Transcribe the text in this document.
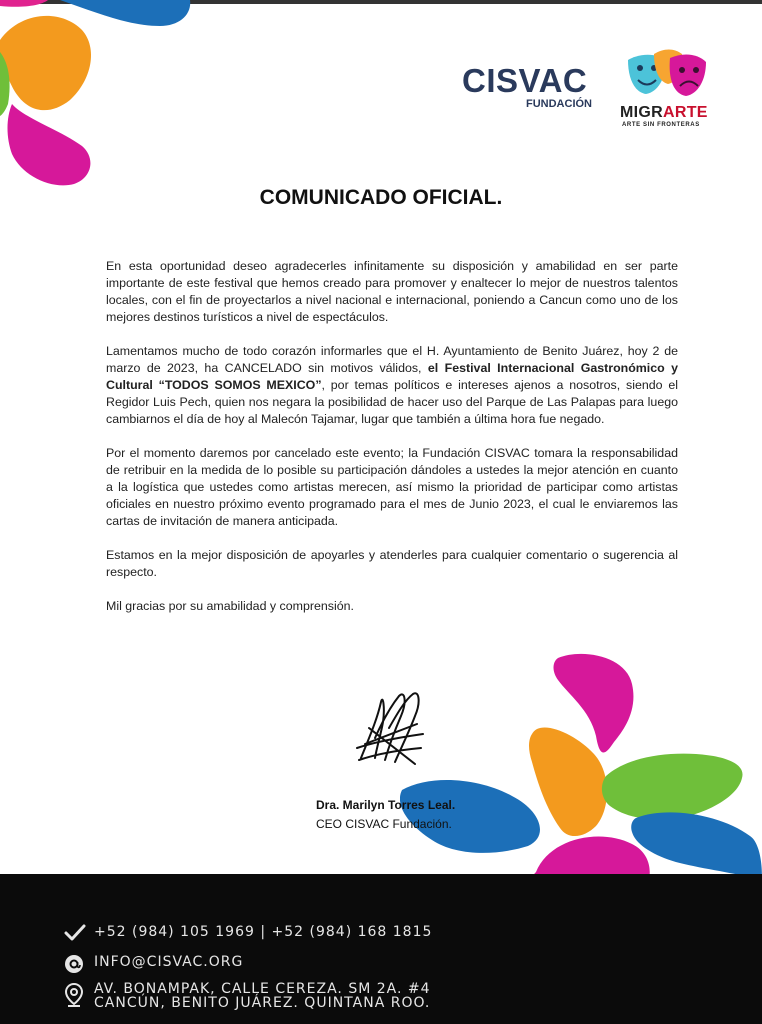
CISVAC
FUNDACIÓN MIGRARTE
ARTE SIN FRONTERAS
COMUNICADO OFICIAL.

En esta oportunidad deseo agradecerles infinitamente su disposición y amabilidad en ser parte importante de este festival que hemos creado para promover y enaltecer lo mejor de nuestros talentos locales, con el fin de proyectarlos a nivel nacional e internacional, poniendo a Cancun como uno de los mejores destinos turísticos a nivel de espectáculos.

Lamentamos mucho de todo corazón informarles que el H. Ayuntamiento de Benito Juárez, hoy 2 de marzo de 2023, ha CANCELADO sin motivos válidos, el Festival Internacional Gastronómico y Cultural “TODOS SOMOS MEXICO”, por temas políticos e intereses ajenos a nosotros, siendo el Regidor Luis Pech, quien nos negara la posibilidad de hacer uso del Parque de Las Palapas para luego cambiarnos el día de hoy al Malecón Tajamar, lugar que también a última hora fue negado.

Por el momento daremos por cancelado este evento; la Fundación CISVAC tomara la responsabilidad de retribuir en la medida de lo posible su participación dándoles a ustedes la mejor atención en cuanto a la logística que ustedes como artistas merecen, así mismo la prioridad de participar como artistas oficiales en nuestro próximo evento programado para el mes de Junio 2023, el cual le enviaremos las cartas de invitación de manera anticipada.

Estamos en la mejor disposición de apoyarles y atenderles para cualquier comentario o sugerencia al respecto.

Mil gracias por su amabilidad y comprensión.

Dra. Marilyn Torres Leal.
CEO CISVAC Fundación.
+52 (984) 105 1969 | +52 (984) 168 1815
INFO@CISVAC.ORG
AV. BONAMPAK, CALLE CEREZA. SM 2A. #4
CANCÚN, BENITO JUÁREZ. QUINTANA ROO.
